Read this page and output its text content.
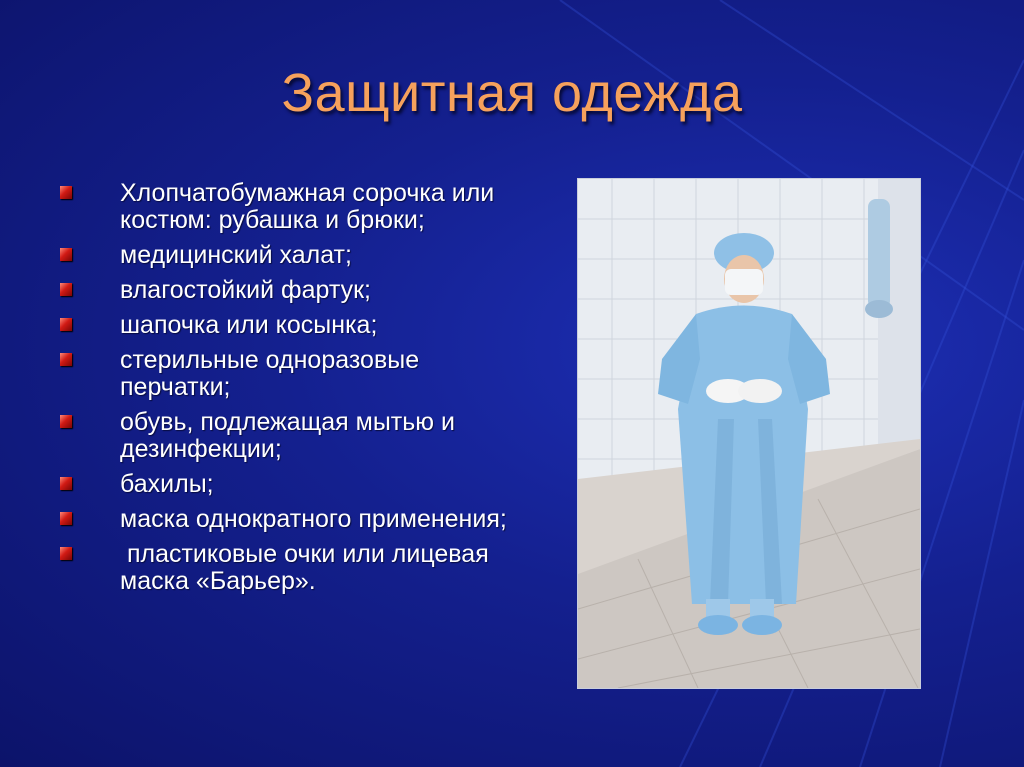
Защитная одежда
Хлопчатобумажная сорочка или костюм: рубашка и брюки;
медицинский халат;
влагостойкий фартук;
шапочка или косынка;
стерильные одноразовые перчатки;
обувь, подлежащая мытью и дезинфекции;
бахилы;
маска однократного применения;
пластиковые очки или лицевая маска «Барьер».
